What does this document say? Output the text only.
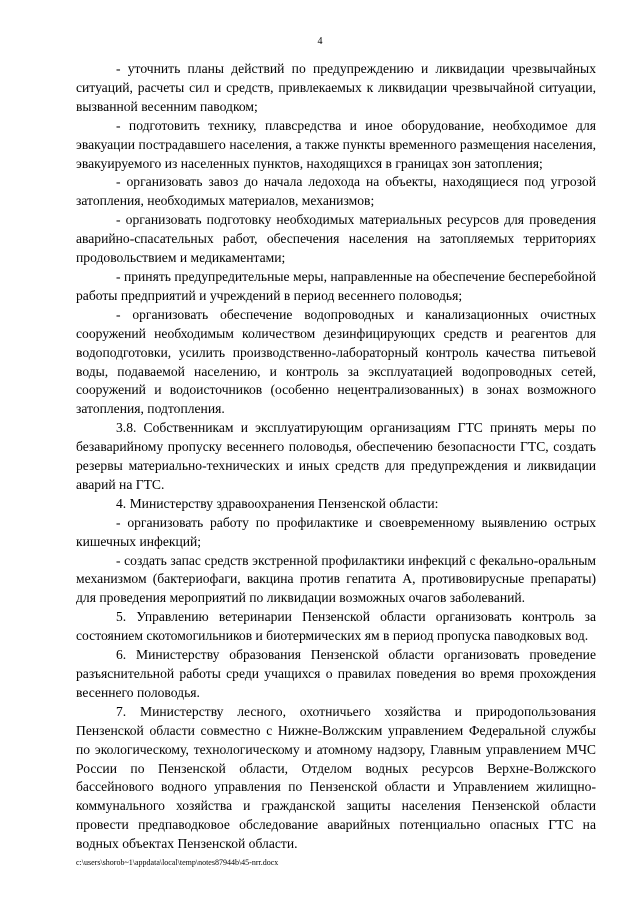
4

- уточнить планы действий по предупреждению и ликвидации чрезвычайных ситуаций, расчеты сил и средств, привлекаемых к ликвидации чрезвычайной ситуации, вызванной весенним паводком;

- подготовить технику, плавсредства и иное оборудование, необходимое для эвакуации пострадавшего населения, а также пункты временного размещения населения, эвакуируемого из населенных пунктов, находящихся в границах зон затопления;

- организовать завоз до начала ледохода на объекты, находящиеся под угрозой затопления, необходимых материалов, механизмов;

- организовать подготовку необходимых материальных ресурсов для проведения аварийно-спасательных работ, обеспечения населения на затопляемых территориях продовольствием и медикаментами;

- принять предупредительные меры, направленные на обеспечение бесперебойной работы предприятий и учреждений в период весеннего половодья;

- организовать обеспечение водопроводных и канализационных очистных сооружений необходимым количеством дезинфицирующих средств и реагентов для водоподготовки, усилить производственно-лабораторный контроль качества питьевой воды, подаваемой населению, и контроль за эксплуатацией водопроводных сетей, сооружений и водоисточников (особенно нецентрализованных) в зонах возможного затопления, подтопления.

3.8. Собственникам и эксплуатирующим организациям ГТС принять меры по безаварийному пропуску весеннего половодья, обеспечению безопасности ГТС, создать резервы материально-технических и иных средств для предупреждения и ликвидации аварий на ГТС.

4. Министерству здравоохранения Пензенской области:

- организовать работу по профилактике и своевременному выявлению острых кишечных инфекций;

- создать запас средств экстренной профилактики инфекций с фекально-оральным механизмом (бактериофаги, вакцина против гепатита А, противовирусные препараты) для проведения мероприятий по ликвидации возможных очагов заболеваний.

5. Управлению ветеринарии Пензенской области организовать контроль за состоянием скотомогильников и биотермических ям в период пропуска паводковых вод.

6. Министерству образования Пензенской области организовать проведение разъяснительной работы среди учащихся о правилах поведения во время прохождения весеннего половодья.

7. Министерству лесного, охотничьего хозяйства и природопользования Пензенской области совместно с Нижне-Волжским управлением Федеральной службы по экологическому, технологическому и атомному надзору, Главным управлением МЧС России по Пензенской области, Отделом водных ресурсов Верхне-Волжского бассейнового водного управления по Пензенской области и Управлением жилищно-коммунального хозяйства и гражданской защиты населения Пензенской области провести предпаводковое обследование аварийных потенциально опасных ГТС на водных объектах Пензенской области.

c:\users\shorob~1\appdata\local\temp\notes87944b\45-nrr.docx
